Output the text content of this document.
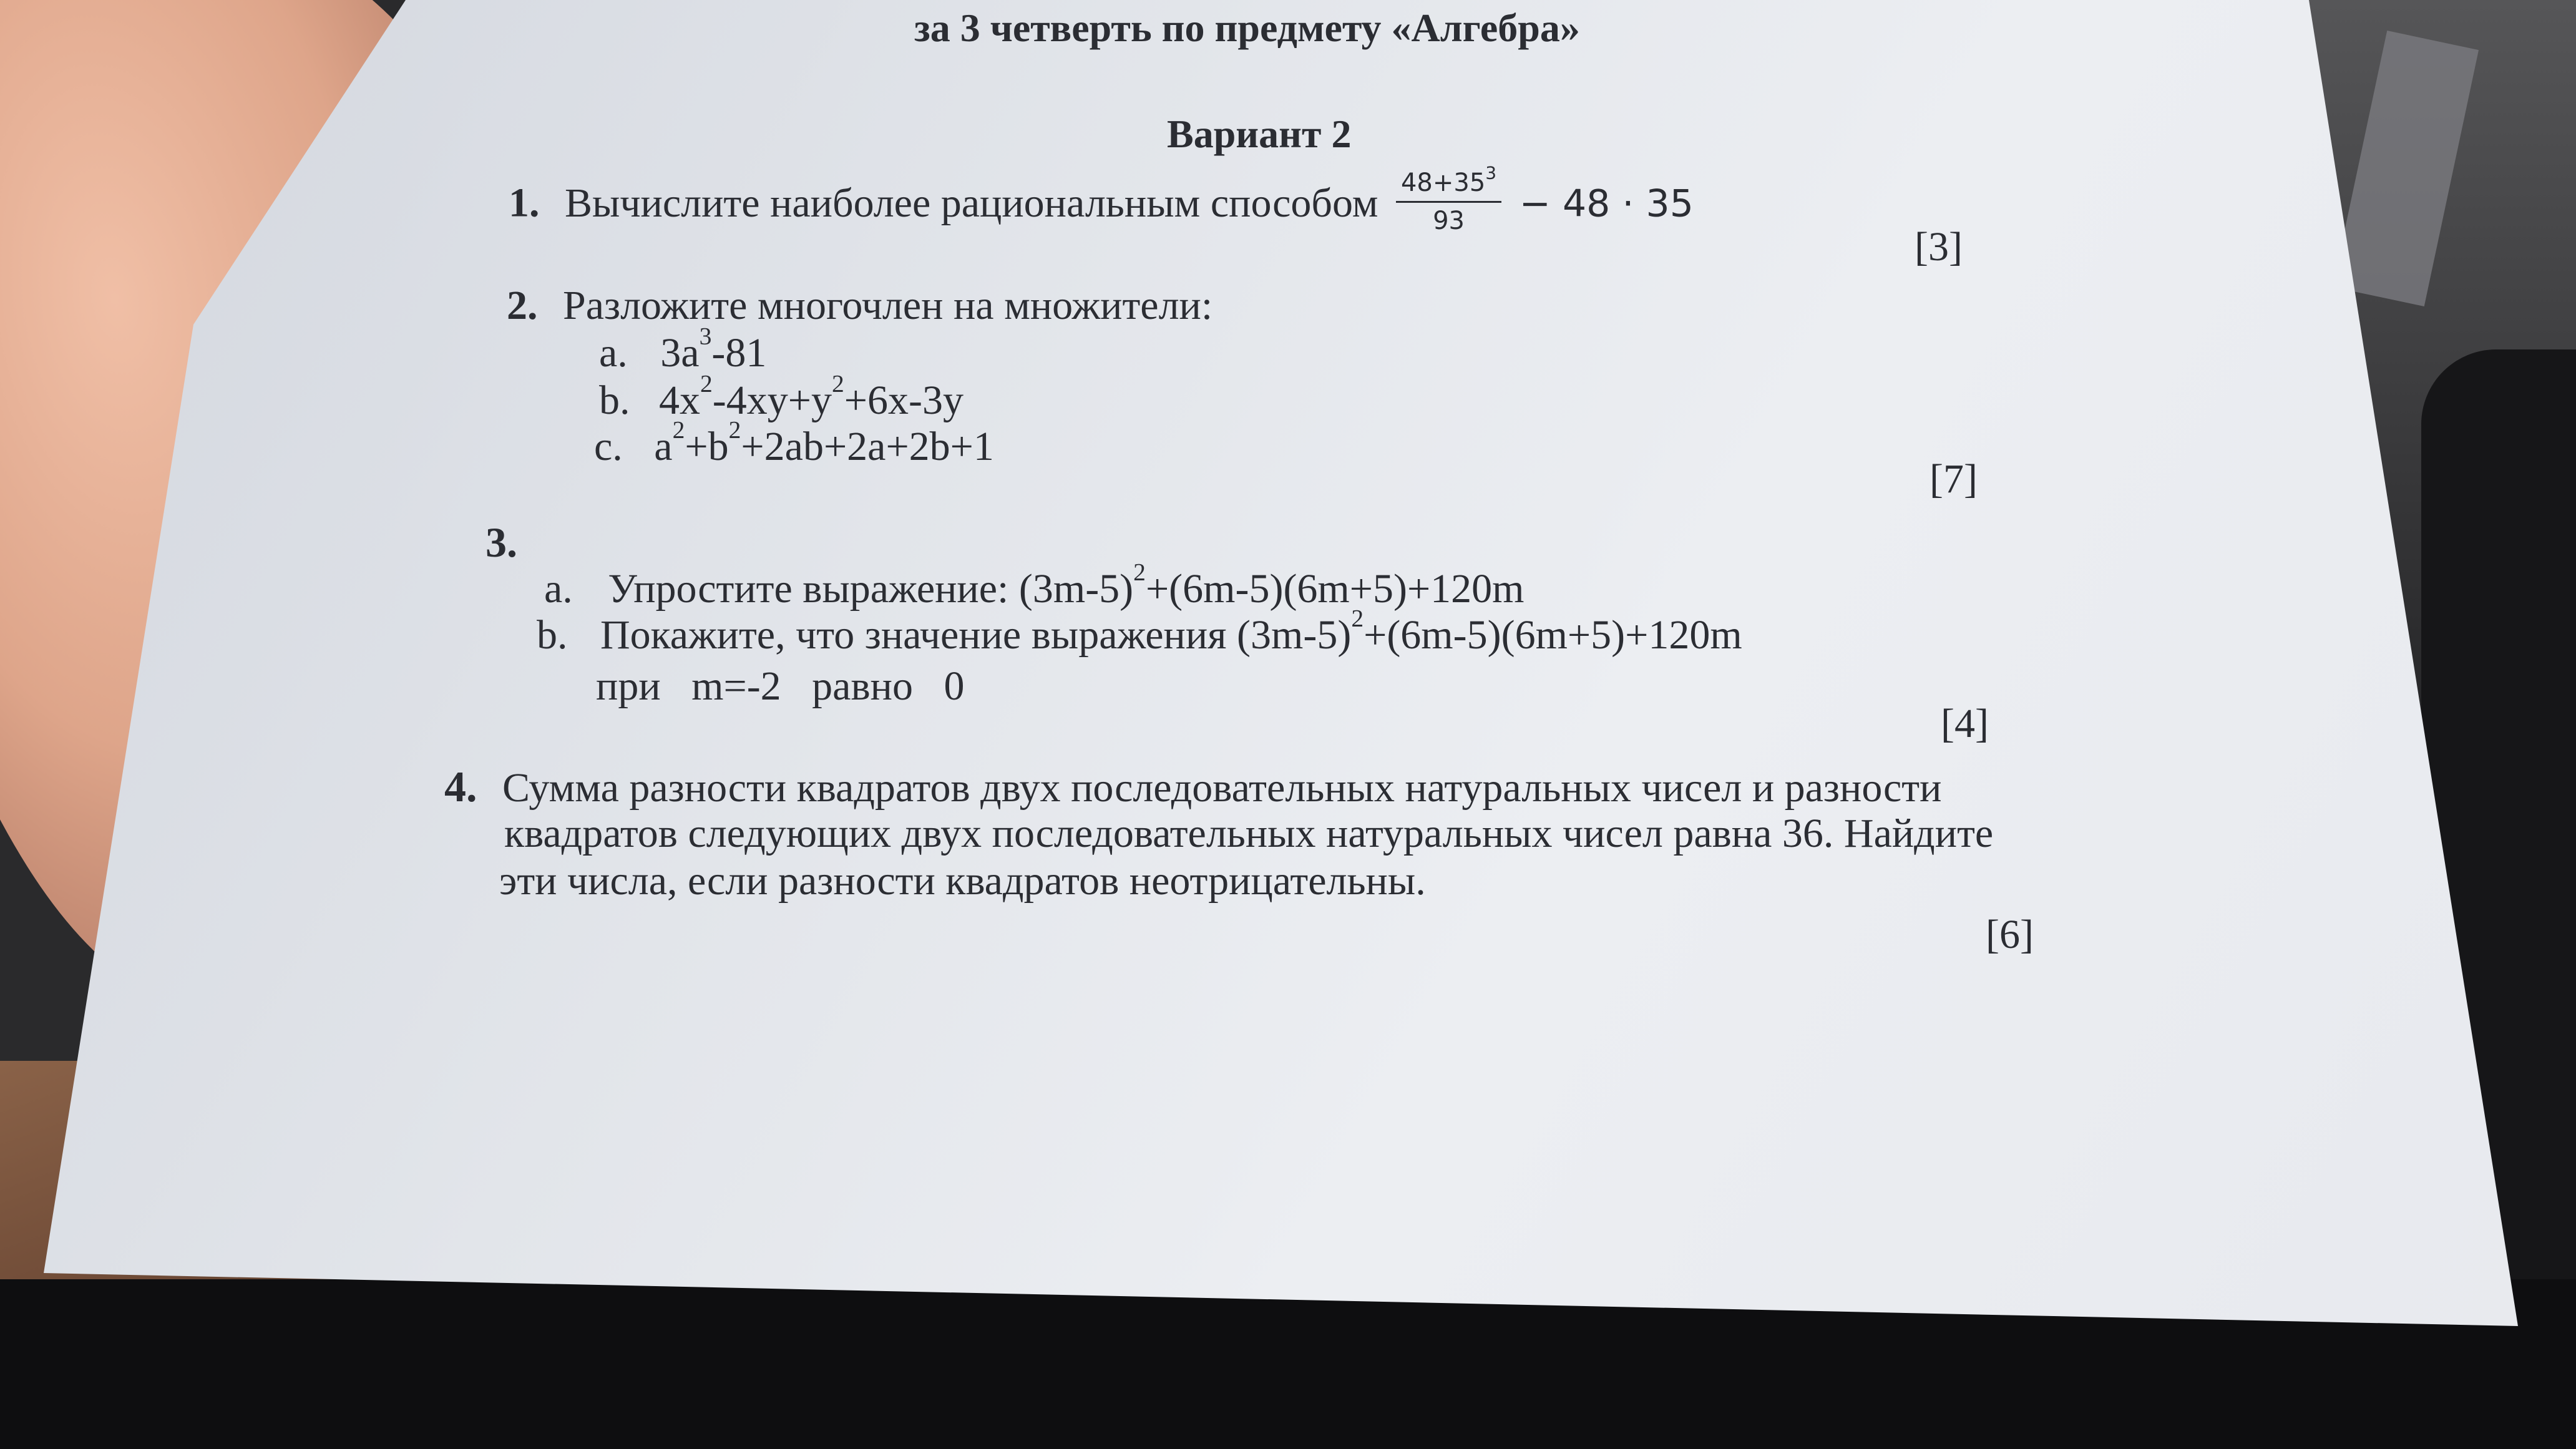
за 3 четверть по предмету «Алгебра»
Вариант 2
1. Вычислите наиболее рациональным способом $\frac{48+35^3}{93} - 48 \cdot 35$
[3]
2. Разложите многочлен на множители:
a. $3a^3-81$
b. $4x^2-4xy+y^2+6x-3y$
c. $a^2+b^2+2ab+2a+2b+1$
[7]
3.
a. Упростите выражение: $(3m-5)^2+(6m-5)(6m+5)+120m$
b. Покажите, что значение выражения $(3m-5)^2+(6m-5)(6m+5)+120m$
при   m=-2   равно   0
[4]
4. Сумма разности квадратов двух последовательных натуральных чисел и разности
квадратов следующих двух последовательных натуральных чисел равна 36. Найдите
эти числа, если разности квадратов неотрицательны.
[6]
